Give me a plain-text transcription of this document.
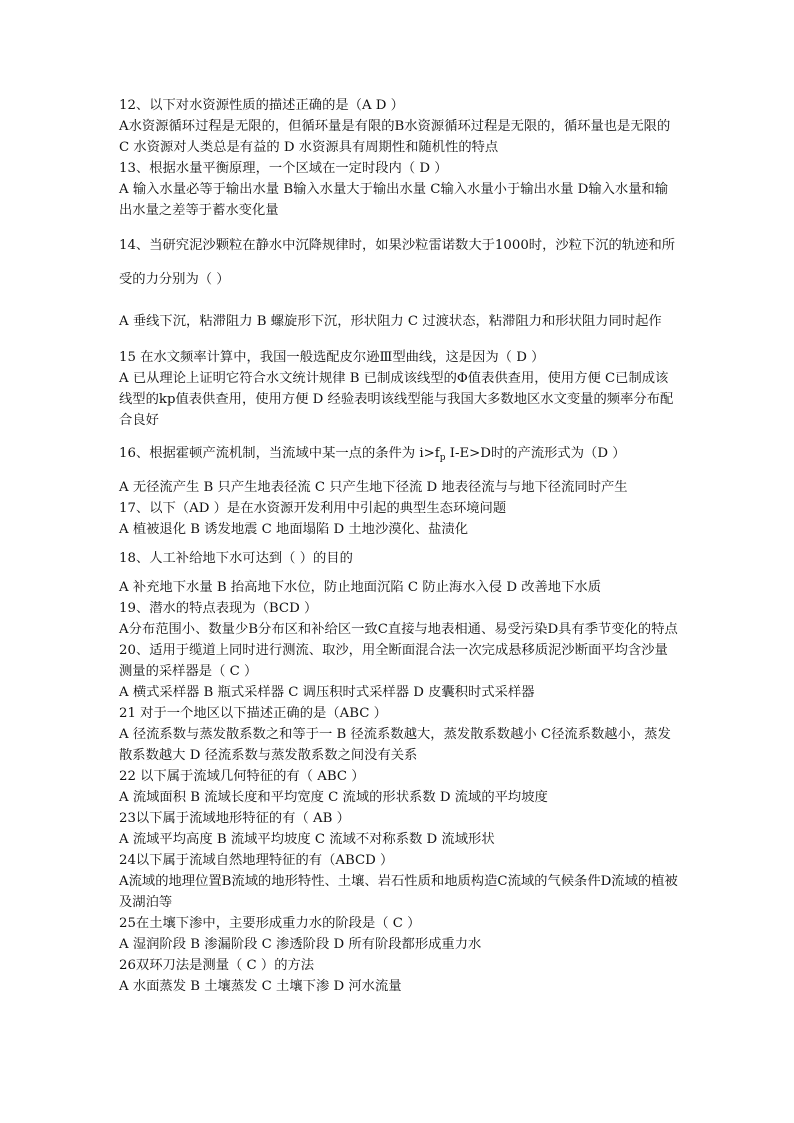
12、以下对水资源性质的描述正确的是（A D ）

A水资源循环过程是无限的，但循环量是有限的B水资源循环过程是无限的，循环量也是无限的 C 水资源对人类总是有益的 D 水资源具有周期性和随机性的特点

13、根据水量平衡原理，一个区域在一定时段内（ D ）

A 输入水量必等于输出水量 B输入水量大于输出水量 C输入水量小于输出水量 D输入水量和输出水量之差等于蓄水变化量

14、当研究泥沙颗粒在静水中沉降规律时，如果沙粒雷诺数大于1000时，沙粒下沉的轨迹和所受的力分别为（ ）

A 垂线下沉，粘滞阻力 B 螺旋形下沉，形状阻力 C 过渡状态，粘滞阻力和形状阻力同时起作

15 在水文频率计算中，我国一般选配皮尔逊Ⅲ型曲线，这是因为（ D ）

A 已从理论上证明它符合水文统计规律 B 已制成该线型的Φ值表供查用，使用方便 C已制成该线型的kp值表供查用，使用方便 D 经验表明该线型能与我国大多数地区水文变量的频率分布配合良好

16、根据霍顿产流机制，当流域中某一点的条件为 $i>f_p$ I-E>D时的产流形式为（D ）

A 无径流产生 B 只产生地表径流 C 只产生地下径流 D 地表径流与与地下径流同时产生

17、以下（AD ）是在水资源开发利用中引起的典型生态环境问题

A 植被退化 B 诱发地震 C 地面塌陷 D 土地沙漠化、盐渍化

18、人工补给地下水可达到（ ）的目的

A 补充地下水量 B 抬高地下水位，防止地面沉陷 C 防止海水入侵 D 改善地下水质

19、潜水的特点表现为（BCD ）

A分布范围小、数量少B分布区和补给区一致C直接与地表相通、易受污染D具有季节变化的特点

20、适用于缆道上同时进行测流、取沙，用全断面混合法一次完成悬移质泥沙断面平均含沙量测量的采样器是（ C ）

A 横式采样器 B 瓶式采样器 C 调压积时式采样器 D 皮囊积时式采样器

21 对于一个地区以下描述正确的是（ABC ）

A 径流系数与蒸发散系数之和等于一 B 径流系数越大，蒸发散系数越小 C径流系数越小，蒸发散系数越大 D 径流系数与蒸发散系数之间没有关系

22 以下属于流域几何特征的有（ ABC ）

A 流域面积 B 流域长度和平均宽度 C 流域的形状系数 D 流域的平均坡度

23以下属于流域地形特征的有（ AB ）

A 流域平均高度 B 流域平均坡度 C 流域不对称系数 D 流域形状

24以下属于流域自然地理特征的有（ABCD ）

A流域的地理位置B流域的地形特性、土壤、岩石性质和地质构造C流域的气候条件D流域的植被及湖泊等

25在土壤下渗中，主要形成重力水的阶段是（ C ）

A 湿润阶段 B 渗漏阶段 C 渗透阶段 D 所有阶段都形成重力水

26双环刀法是测量（ C ）的方法

A 水面蒸发 B 土壤蒸发 C 土壤下渗 D 河水流量
